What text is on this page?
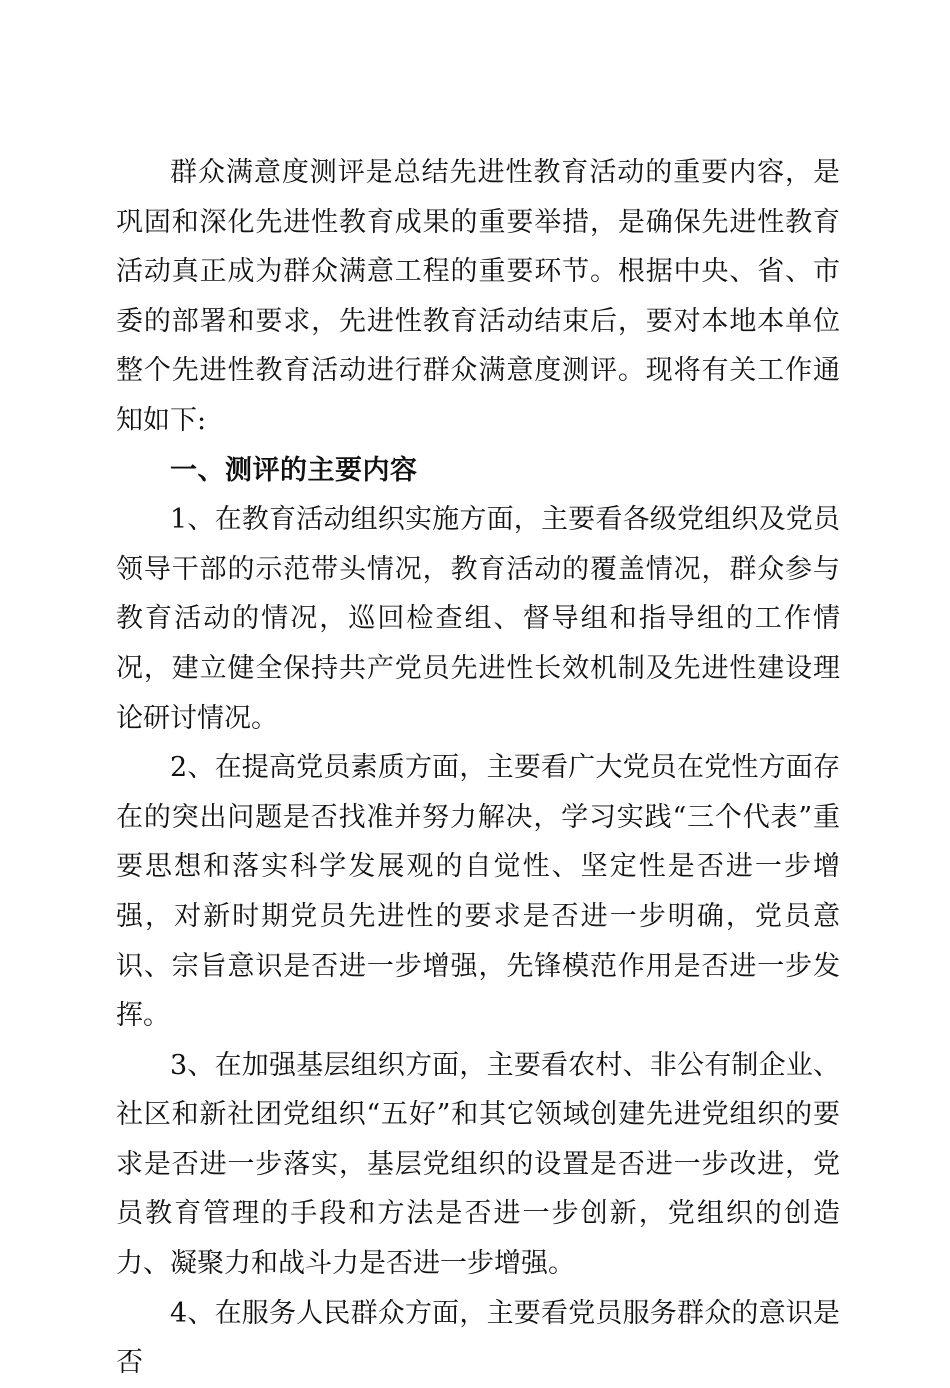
群众满意度测评是总结先进性教育活动的重要内容，是巩固和深化先进性教育成果的重要举措，是确保先进性教育活动真正成为群众满意工程的重要环节。根据中央、省、市委的部署和要求，先进性教育活动结束后，要对本地本单位整个先进性教育活动进行群众满意度测评。现将有关工作通知如下:

一、测评的主要内容

1、在教育活动组织实施方面，主要看各级党组织及党员领导干部的示范带头情况，教育活动的覆盖情况，群众参与教育活动的情况，巡回检查组、督导组和指导组的工作情况，建立健全保持共产党员先进性长效机制及先进性建设理论研讨情况。

2、在提高党员素质方面，主要看广大党员在党性方面存在的突出问题是否找准并努力解决，学习实践“三个代表”重要思想和落实科学发展观的自觉性、坚定性是否进一步增强，对新时期党员先进性的要求是否进一步明确，党员意识、宗旨意识是否进一步增强，先锋模范作用是否进一步发挥。

3、在加强基层组织方面，主要看农村、非公有制企业、社区和新社团党组织“五好”和其它领域创建先进党组织的要求是否进一步落实，基层党组织的设置是否进一步改进，党员教育管理的手段和方法是否进一步创新，党组织的创造力、凝聚力和战斗力是否进一步增强。

4、在服务人民群众方面，主要看党员服务群众的意识是否
